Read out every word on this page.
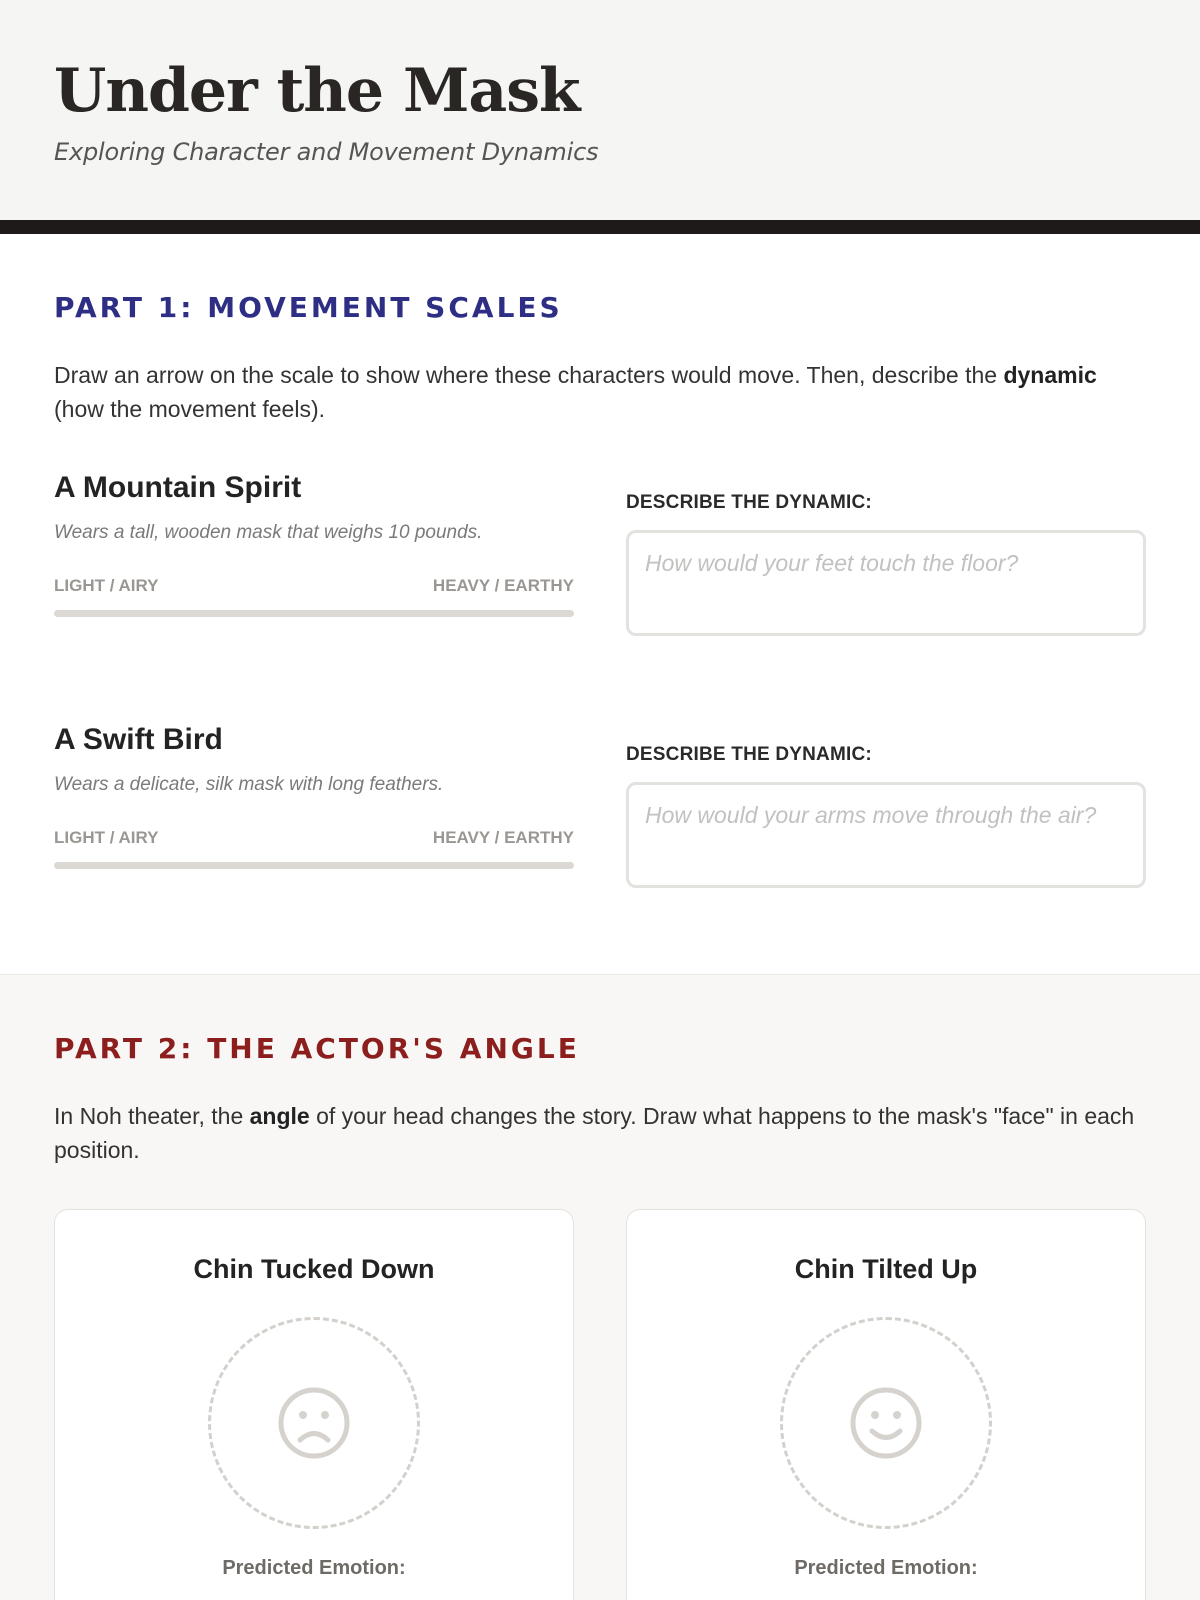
Under the Mask
Exploring Character and Movement Dynamics
PART 1: MOVEMENT SCALES

Draw an arrow on the scale to show where these characters would move. Then, describe the dynamic (how the movement feels).

A Mountain Spirit
Wears a tall, wooden mask that weighs 10 pounds.
LIGHT / AIRY	HEAVY / EARTHY
DESCRIBE THE DYNAMIC:
How would your feet touch the floor?
A Swift Bird
Wears a delicate, silk mask with long feathers.
LIGHT / AIRY	HEAVY / EARTHY
DESCRIBE THE DYNAMIC:
How would your arms move through the air?
PART 2: THE ACTOR'S ANGLE

In Noh theater, the angle of your head changes the story. Draw what happens to the mask's "face" in each position.

Chin Tucked Down
Predicted Emotion:
Chin Tilted Up
Predicted Emotion:
